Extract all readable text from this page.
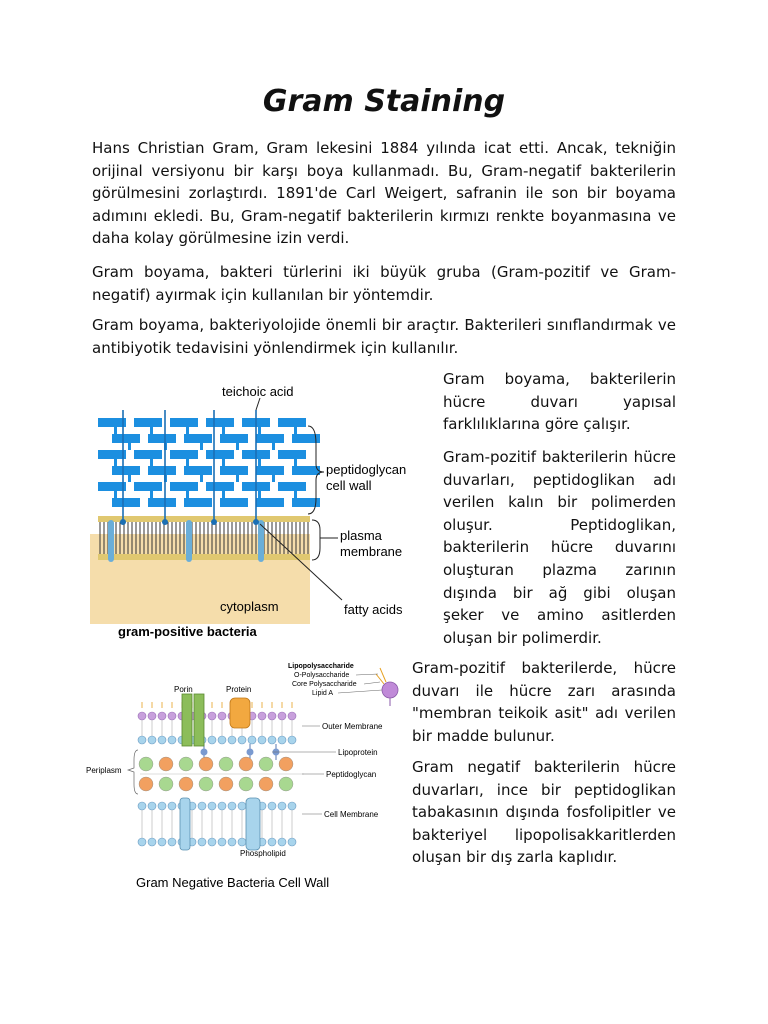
Gram Staining

Hans Christian Gram, Gram lekesini 1884 yılında icat etti. Ancak, tekniğin orijinal versiyonu bir karşı boya kullanmadı. Bu, Gram-negatif bakterilerin görülmesini zorlaştırdı. 1891'de Carl Weigert, safranin ile son bir boyama adımını ekledi. Bu, Gram-negatif bakterilerin kırmızı renkte boyanmasına ve daha kolay görülmesine izin verdi.

Gram boyama, bakteri türlerini iki büyük gruba (Gram-pozitif ve Gram-negatif) ayırmak için kullanılan bir yöntemdir.

Gram boyama, bakteriyolojide önemli bir araçtır. Bakterileri sınıflandırmak ve antibiyotik tedavisini yönlendirmek için kullanılır.

Gram boyama, bakterilerin hücre duvarı yapısal farklılıklarına göre çalışır.

Gram-pozitif bakterilerin hücre duvarları, peptidoglikan adı verilen kalın bir polimerden oluşur. Peptidoglikan, bakterilerin hücre duvarını oluşturan plazma zarının dışında bir ağ gibi oluşan şeker ve amino asitlerden oluşan bir polimerdir.

Gram-pozitif bakterilerde, hücre duvarı ile hücre zarı arasında "membran teikoik asit" adı verilen bir madde bulunur.

Gram negatif bakterilerin hücre duvarları, ince bir peptidoglikan tabakasının dışında fosfolipitler ve bakteriyel lipopolisakkaritlerden oluşan bir dış zarla kaplıdır.

teichoic acid
peptidoglycan
cell wall
plasma
membrane
fatty acids
cytoplasm
gram-positive bacteria
Lipopolysaccharide
O-Polysaccharide
Core Polysaccharide
Lipid A
Porin	Protein
Outer Membrane
Lipoprotein
Peptidoglycan
Cell Membrane
Periplasm
Phospholipid
Gram Negative Bacteria Cell Wall
